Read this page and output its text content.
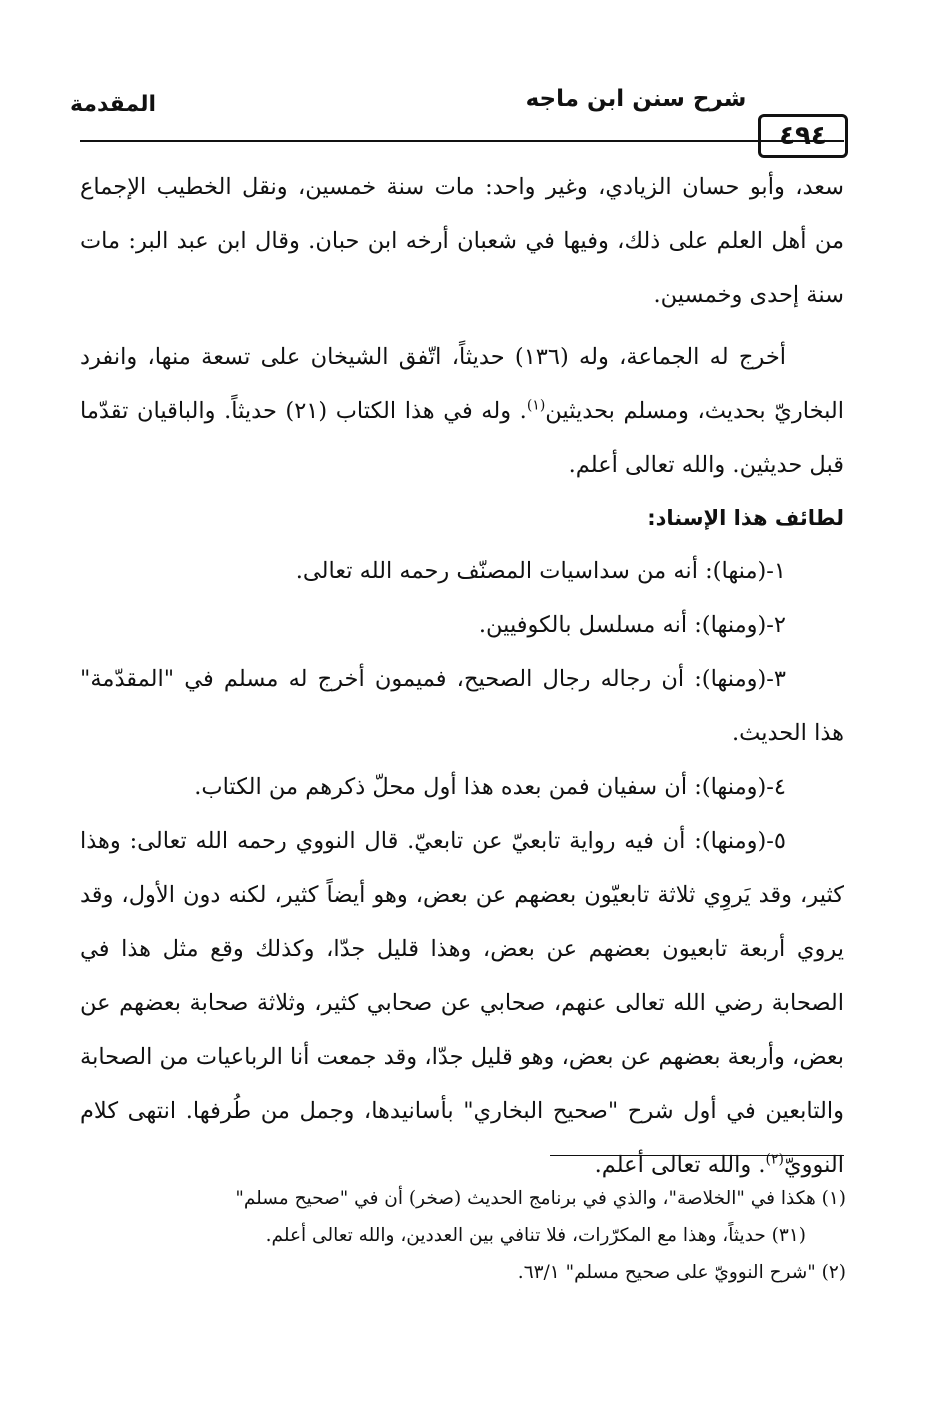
٤٩٤
شرح سنن ابن ماجه
المقدمة

سعد، وأبو حسان الزيادي، وغير واحد: مات سنة خمسين، ونقل الخطيب الإجماع من أهل العلم على ذلك، وفيها في شعبان أرخه ابن حبان. وقال ابن عبد البر: مات سنة إحدى وخمسين.

أخرج له الجماعة، وله (١٣٦) حديثاً، اتّفق الشيخان على تسعة منها، وانفرد البخاريّ بحديث، ومسلم بحديثين$^{(١)}$. وله في هذا الكتاب (٢١) حديثاً. والباقيان تقدّما قبل حديثين. والله تعالى أعلم.

لطائف هذا الإسناد:

١-(منها): أنه من سداسيات المصنّف رحمه الله تعالى.

٢-(ومنها): أنه مسلسل بالكوفيين.

٣-(ومنها): أن رجاله رجال الصحيح، فميمون أخرج له مسلم في "المقدّمة" هذا الحديث.

٤-(ومنها): أن سفيان فمن بعده هذا أول محلّ ذكرهم من الكتاب.

٥-(ومنها): أن فيه رواية تابعيّ عن تابعيّ. قال النووي رحمه الله تعالى: وهذا كثير، وقد يَروِي ثلاثة تابعيّون بعضهم عن بعض، وهو أيضاً كثير، لكنه دون الأول، وقد يروي أربعة تابعيون بعضهم عن بعض، وهذا قليل جدّا، وكذلك وقع مثل هذا في الصحابة رضي الله تعالى عنهم، صحابي عن صحابي كثير، وثلاثة صحابة بعضهم عن بعض، وأربعة بعضهم عن بعض، وهو قليل جدّا، وقد جمعت أنا الرباعيات من الصحابة والتابعين في أول شرح "صحيح البخاري" بأسانيدها، وجمل من طُرفها. انتهى كلام النوويّ$^{(٢)}$. والله تعالى أعلم.

(١) هكذا في "الخلاصة"، والذي في برنامج الحديث (صخر) أن في "صحيح مسلم"

(٣١) حديثاً، وهذا مع المكرّرات، فلا تنافي بين العددين، والله تعالى أعلم.

(٢) "شرح النوويّ على صحيح مسلم" ٦٣/١.
